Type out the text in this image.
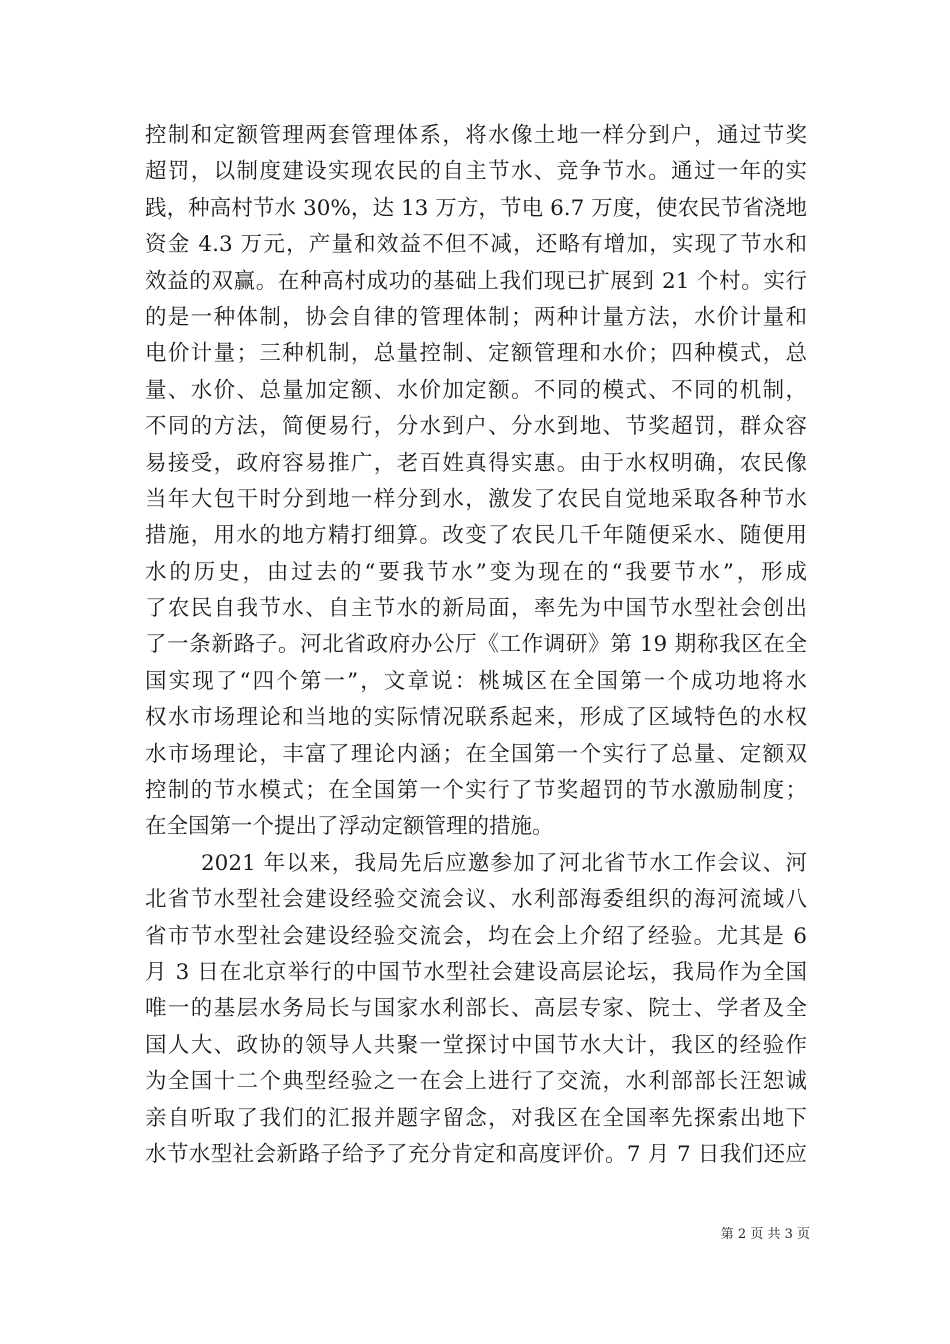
控制和定额管理两套管理体系，将水像土地一样分到户，通过节奖
超罚，以制度建设实现农民的自主节水、竞争节水。通过一年的实
践，种高村节水 30%，达 13 万方，节电 6.7 万度，使农民节省浇地
资金 4.3 万元，产量和效益不但不减，还略有增加，实现了节水和
效益的双赢。在种高村成功的基础上我们现已扩展到 21 个村。实行
的是一种体制，协会自律的管理体制；两种计量方法，水价计量和
电价计量；三种机制，总量控制、定额管理和水价；四种模式，总
量、水价、总量加定额、水价加定额。不同的模式、不同的机制，
不同的方法，简便易行，分水到户、分水到地、节奖超罚，群众容
易接受，政府容易推广，老百姓真得实惠。由于水权明确，农民像
当年大包干时分到地一样分到水，激发了农民自觉地采取各种节水
措施，用水的地方精打细算。改变了农民几千年随便采水、随便用
水的历史，由过去的“要我节水”变为现在的“我要节水”，形成
了农民自我节水、自主节水的新局面，率先为中国节水型社会创出
了一条新路子。河北省政府办公厅《工作调研》第 19 期称我区在全
国实现了“四个第一”，文章说：桃城区在全国第一个成功地将水
权水市场理论和当地的实际情况联系起来，形成了区域特色的水权
水市场理论，丰富了理论内涵；在全国第一个实行了总量、定额双
控制的节水模式；在全国第一个实行了节奖超罚的节水激励制度；
在全国第一个提出了浮动定额管理的措施。
2021 年以来，我局先后应邀参加了河北省节水工作会议、河
北省节水型社会建设经验交流会议、水利部海委组织的海河流域八
省市节水型社会建设经验交流会，均在会上介绍了经验。尤其是 6
月 3 日在北京举行的中国节水型社会建设高层论坛，我局作为全国
唯一的基层水务局长与国家水利部长、高层专家、院士、学者及全
国人大、政协的领导人共聚一堂探讨中国节水大计，我区的经验作
为全国十二个典型经验之一在会上进行了交流，水利部部长汪恕诚
亲自听取了我们的汇报并题字留念，对我区在全国率先探索出地下
水节水型社会新路子给予了充分肯定和高度评价。7 月 7 日我们还应
第 2 页 共 3 页
